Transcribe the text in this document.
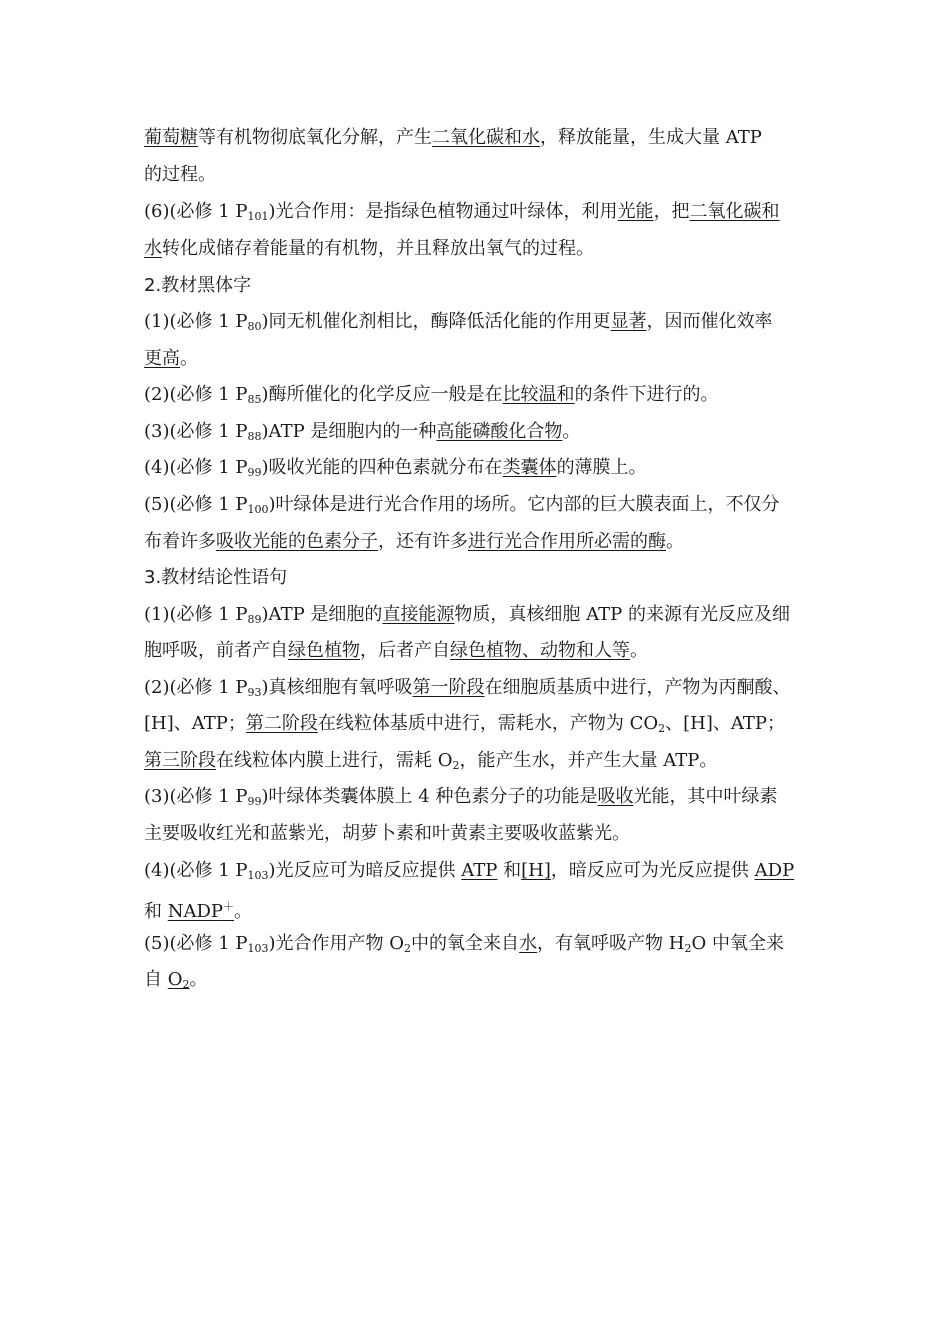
葡萄糖等有机物彻底氧化分解，产生二氧化碳和水，释放能量，生成大量 ATP
的过程。
(6)(必修 1 $P_{101}$)光合作用：是指绿色植物通过叶绿体，利用光能，把二氧化碳和
水转化成储存着能量的有机物，并且释放出氧气的过程。
2.教材黑体字
(1)(必修 1 $P_{80}$)同无机催化剂相比，酶降低活化能的作用更显著，因而催化效率
更高。
(2)(必修 1 $P_{85}$)酶所催化的化学反应一般是在比较温和的条件下进行的。
(3)(必修 1 $P_{88})ATP$ 是细胞内的一种高能磷酸化合物。
(4)(必修 1 $P_{99}$)吸收光能的四种色素就分布在类囊体的薄膜上。
(5)(必修 1 $P_{100}$)叶绿体是进行光合作用的场所。它内部的巨大膜表面上，不仅分
布着许多吸收光能的色素分子，还有许多进行光合作用所必需的酶。
3.教材结论性语句
(1)(必修 1 $P_{89})ATP$ 是细胞的直接能源物质，真核细胞 ATP 的来源有光反应及细
胞呼吸，前者产自绿色植物，后者产自绿色植物、动物和人等。
(2)(必修 1 $P_{93}$)真核细胞有氧呼吸第一阶段在细胞质基质中进行，产物为丙酮酸、
[H]、ATP；第二阶段在线粒体基质中进行，需耗水，产物为 $CO_2$、[H]、ATP；
第三阶段在线粒体内膜上进行，需耗 $O_2$，能产生水，并产生大量 ATP。
(3)(必修 1 $P_{99}$)叶绿体类囊体膜上 4 种色素分子的功能是吸收光能，其中叶绿素
主要吸收红光和蓝紫光，胡萝卜素和叶黄素主要吸收蓝紫光。
(4)(必修 1 $P_{103}$)光反应可为暗反应提供 ATP 和[H]，暗反应可为光反应提供 ADP
和 NADP＋。
(5)(必修 1 $P_{103}$)光合作用产物 $O_2$中的氧全来自水，有氧呼吸产物 $H_2O$ 中氧全来
自 $O_2$。
